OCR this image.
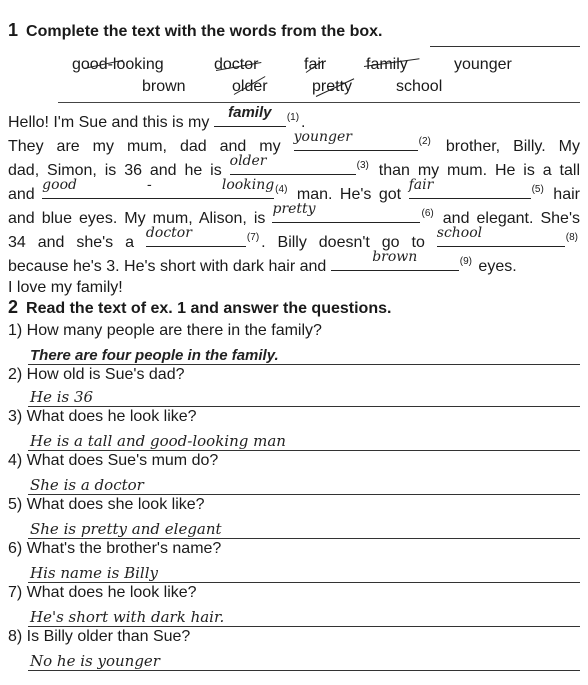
1 Complete the text with the words from the box.
good-looking	doctor	fair family	younger
brown	older	pretty	school
Hello! I'm Sue and this is my
family	$^{(1)}$ .
They are my mum, dad and my
younger	$^{(2)}$ brother, Billy. My
dad, Simon, is 36 and he is
older	$^{(3)}$ than my mum. He is a tall
and
good - looking $^{(4)}$ man. He's got
fair	$^{(5)}$ hair
and blue eyes. My mum, Alison, is
pretty	$^{(6)}$ and elegant. She's
34 and she's a
doctor	$^{(7)}$ . Billy doesn't go to
school	$^{(8)}$
because he's 3. He's short with dark hair and
brown	$^{(9)}$ eyes.
I love my family!
2 Read the text of ex. 1 and answer the questions.
1) How many people are there in the family?
There are four people in the family.
2) How old is Sue's dad?
He is 36
3) What does he look like?
He is a tall and good-looking man
4) What does Sue's mum do?
She is a doctor
5) What does she look like?
She is pretty and elegant
6) What's the brother's name?
His name is Billy
7) What does he look like?
He's short with dark hair.
8) Is Billy older than Sue?
No he is younger
